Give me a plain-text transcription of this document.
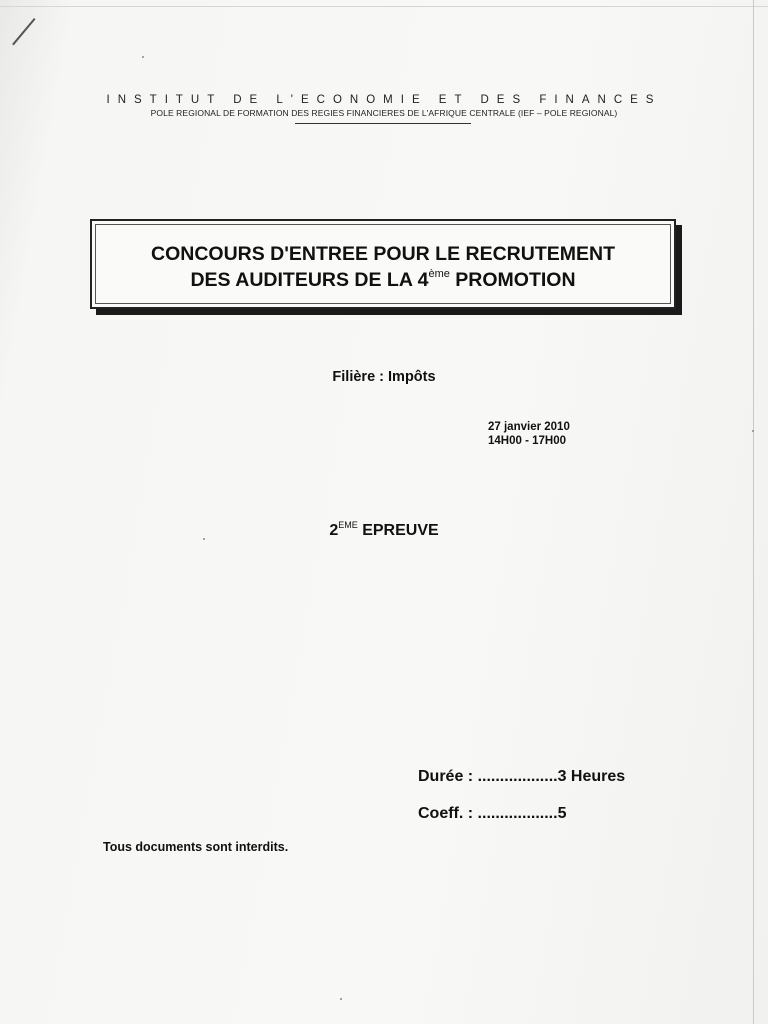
INSTITUT DE L'ECONOMIE ET DES FINANCES
POLE REGIONAL DE FORMATION DES REGIES FINANCIERES DE L'AFRIQUE CENTRALE (IEF – POLE REGIONAL)
CONCOURS D'ENTREE POUR LE RECRUTEMENT
DES AUDITEURS DE LA 4ème PROMOTION
Filière : Impôts
27 janvier 2010
14H00 - 17H00
2EME EPREUVE
Durée : ..................3 Heures
Coeff. : ..................5
Tous documents sont interdits.
